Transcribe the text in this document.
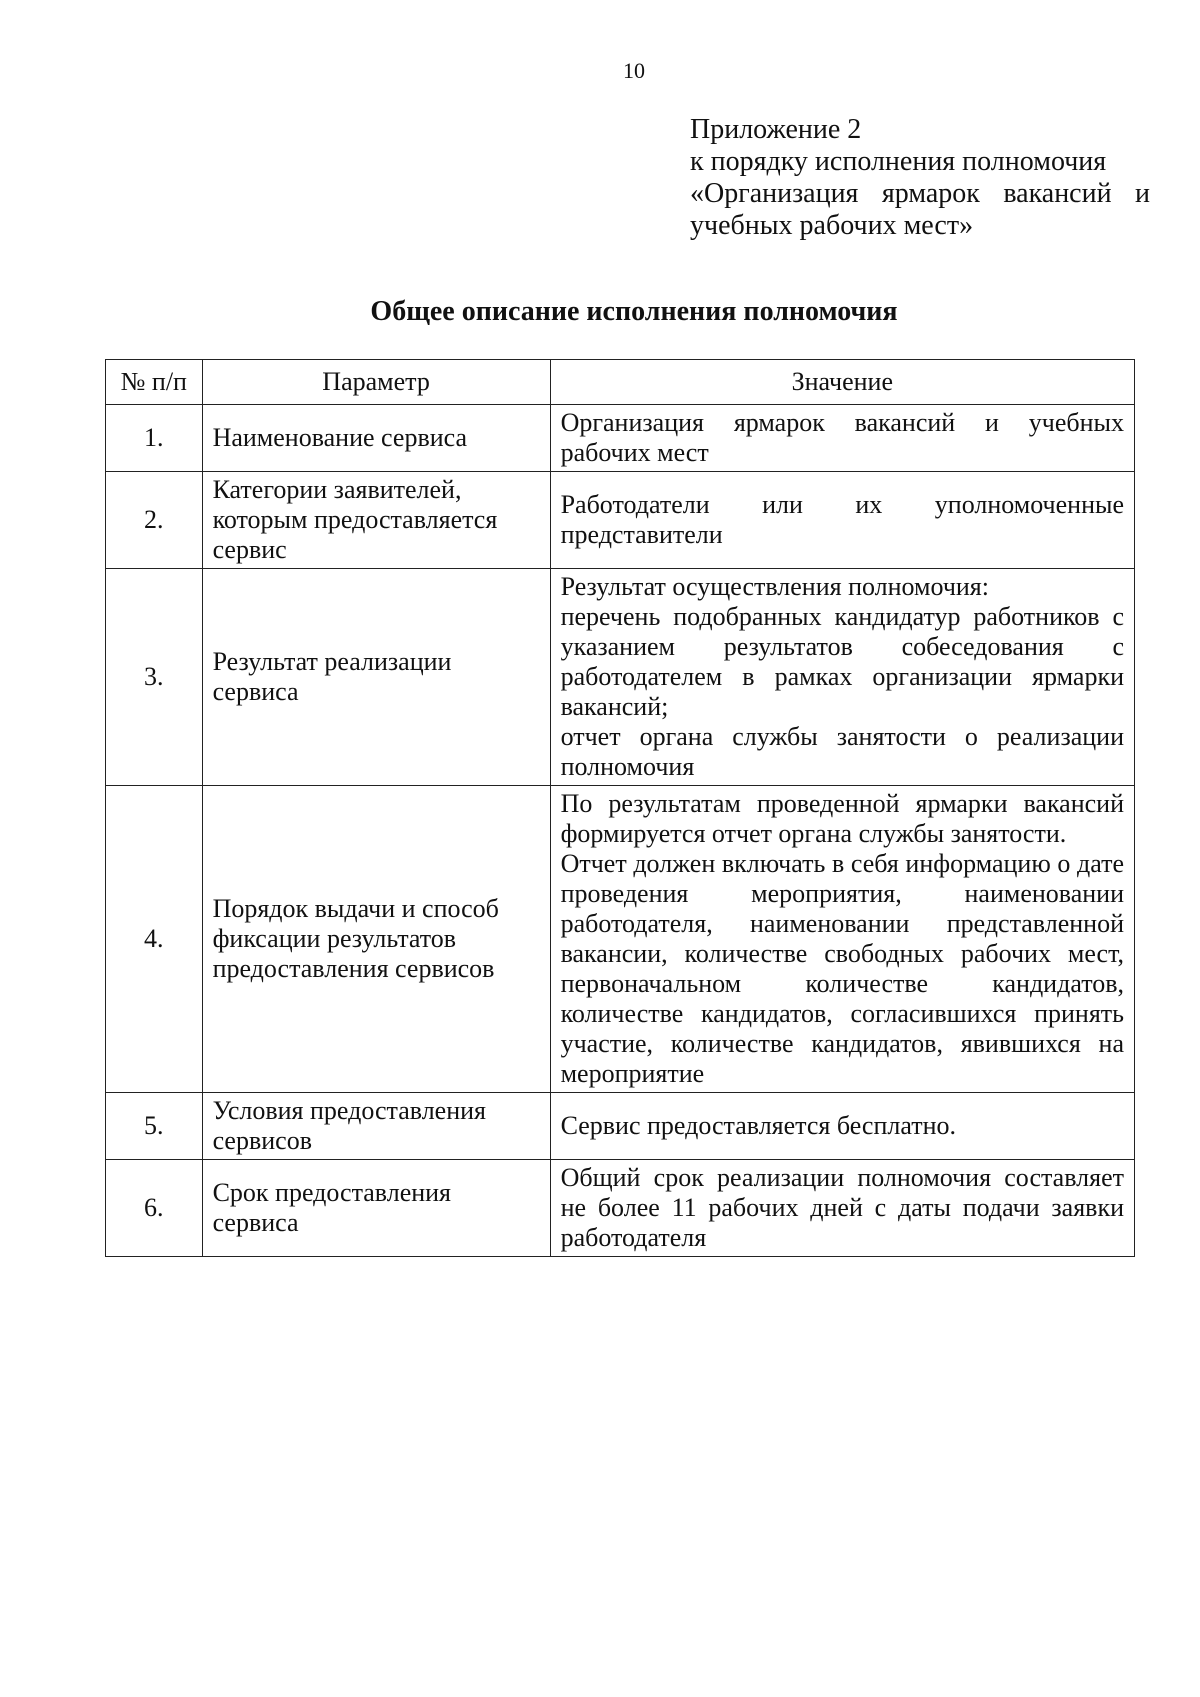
10
Приложение 2
к порядку исполнения полномочия
«Организация ярмарок вакансий и
учебных рабочих мест»
Общее описание исполнения полномочия
№ п/п	Параметр	Значение
1.	Наименование сервиса	Организация ярмарок вакансий и учебных рабочих мест

2.	Категории заявителей, которым предоставляется сервис	Работодатели или их уполномоченные представители

3.	Результат реализации сервиса	Результат осуществления полномочия:

перечень подобранных кандидатур работников с указанием результатов собеседования с работодателем в рамках организации ярмарки вакансий;

отчет органа службы занятости о реализации полномочия

4.	Порядок выдачи и способ фиксации результатов предоставления сервисов	По результатам проведенной ярмарки вакансий формируется отчет органа службы занятости.

Отчет должен включать в себя информацию о дате проведения мероприятия, наименовании работодателя, наименовании представленной вакансии, количестве свободных рабочих мест, первоначальном количестве кандидатов, количестве кандидатов, согласившихся принять участие, количестве кандидатов, явившихся на мероприятие

5.	Условия предоставления сервисов	Сервис предоставляется бесплатно.

6.	Срок предоставления сервиса	Общий срок реализации полномочия составляет не более 11 рабочих дней с даты подачи заявки работодателя
